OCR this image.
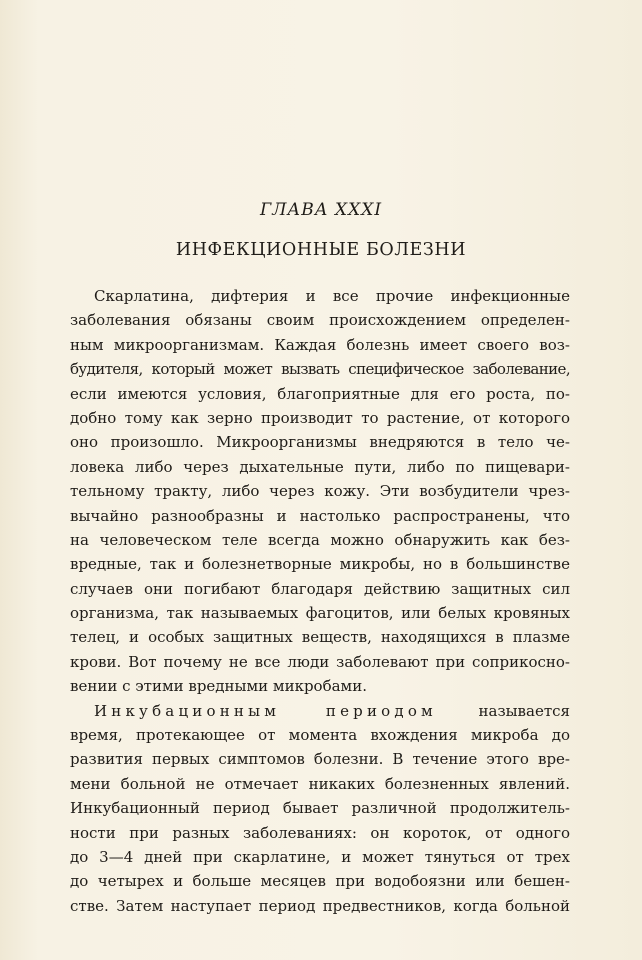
ГЛАВА XXXI
ИНФЕКЦИОННЫЕ БОЛЕЗНИ
Скарлатина, дифтерия и все прочие инфекционные
заболевания обязаны своим происхождением определен-
ным микроорганизмам. Каждая болезнь имеет своего воз-
будителя, который может вызвать специфическое заболевание,
если имеются условия, благоприятные для его роста, по-
добно тому как зерно производит то растение, от которого
оно произошло. Микроорганизмы внедряются в тело че-
ловека либо через дыхательные пути, либо по пищевари-
тельному тракту, либо через кожу. Эти возбудители чрез-
вычайно разнообразны и настолько распространены, что
на человеческом теле всегда можно обнаружить как без-
вредные, так и болезнетворные микробы, но в большинстве
случаев они погибают благодаря действию защитных сил
организма, так называемых фагоцитов, или белых кровяных
телец, и особых защитных веществ, находящихся в плазме
крови. Вот почему не все люди заболевают при соприкоснo-
вении с этими вредными микробами.
Инкубационным периодом	называется
время, протекающее от момента вхождения микроба до
развития первых симптомов болезни. В течение этого вре-
мени больной не отмечает никаких болезненных явлений.
Инкубационный период бывает различной продолжитель-
ности при разных заболеваниях: он короток, от одного
до 3—4 дней при скарлатине, и может тянуться от трех
до четырех и больше месяцев при водобоязни или бешен-
стве. Затем наступает период предвестников, когда больной
